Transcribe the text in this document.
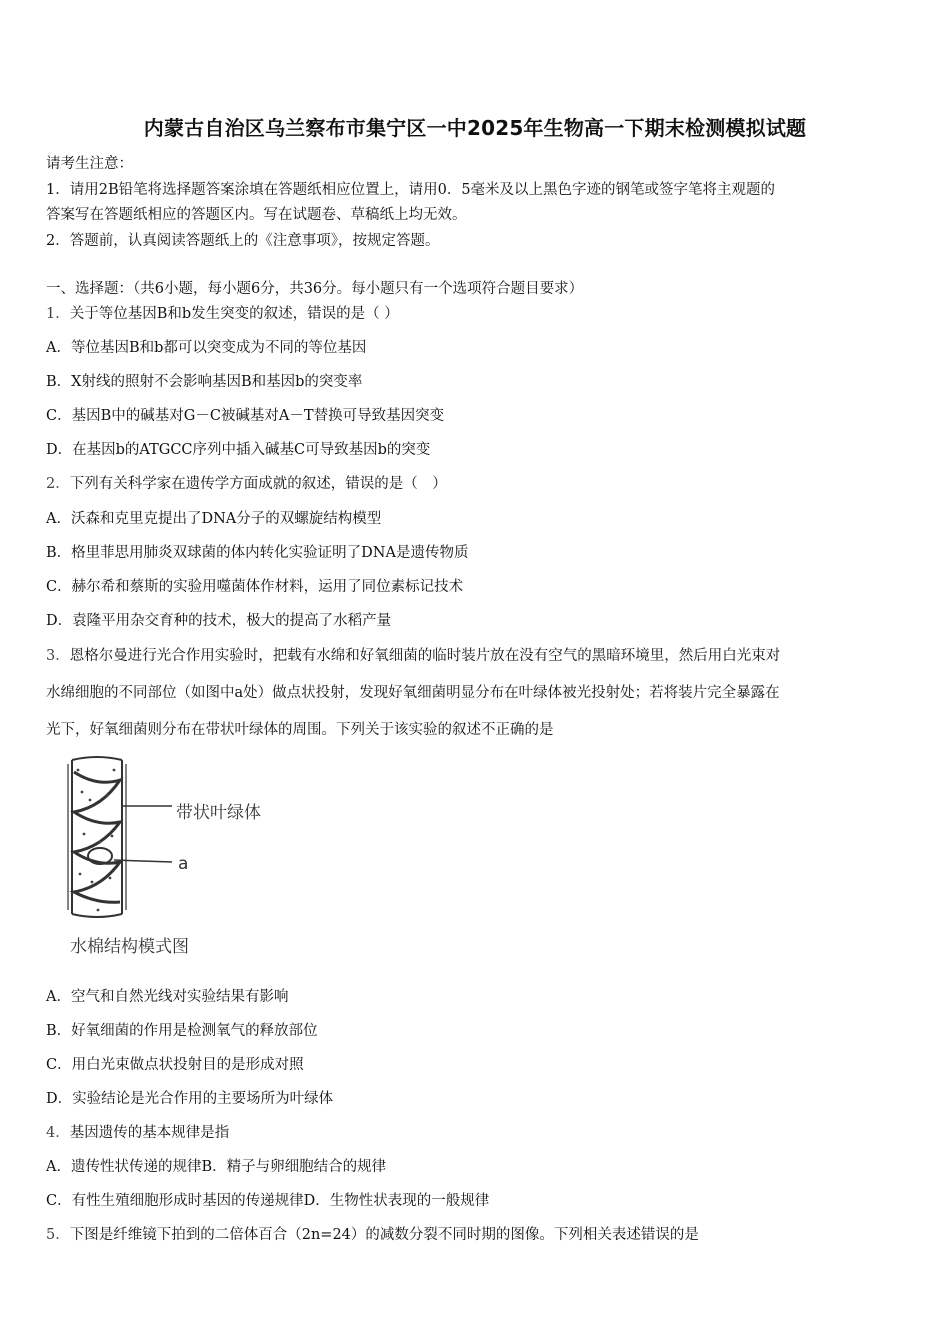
内蒙古自治区乌兰察布市集宁区一中2025年生物高一下期末检测模拟试题
请考生注意：
1．请用2B铅笔将选择题答案涂填在答题纸相应位置上，请用0．5毫米及以上黑色字迹的钢笔或签字笔将主观题的
答案写在答题纸相应的答题区内。写在试题卷、草稿纸上均无效。
2．答题前，认真阅读答题纸上的《注意事项》，按规定答题。
一、选择题：（共6小题，每小题6分，共36分。每小题只有一个选项符合题目要求）
1．关于等位基因B和b发生突变的叙述，错误的是（ ）
A．等位基因B和b都可以突变成为不同的等位基因
B．X射线的照射不会影响基因B和基因b的突变率
C．基因B中的碱基对G－C被碱基对A－T替换可导致基因突变
D．在基因b的ATGCC序列中插入碱基C可导致基因b的突变
2．下列有关科学家在遗传学方面成就的叙述，错误的是（　）
A．沃森和克里克提出了DNA分子的双螺旋结构模型
B．格里菲思用肺炎双球菌的体内转化实验证明了DNA是遗传物质
C．赫尔希和蔡斯的实验用噬菌体作材料，运用了同位素标记技术
D．袁隆平用杂交育种的技术，极大的提高了水稻产量
3．恩格尔曼进行光合作用实验时，把载有水绵和好氧细菌的临时装片放在没有空气的黑暗环境里，然后用白光束对
水绵细胞的不同部位（如图中a处）做点状投射，发现好氧细菌明显分布在叶绿体被光投射处；若将装片完全暴露在
光下，好氧细菌则分布在带状叶绿体的周围。下列关于该实验的叙述不正确的是
带状叶绿体
a
水棉结构模式图
A．空气和自然光线对实验结果有影响
B．好氧细菌的作用是检测氧气的释放部位
C．用白光束做点状投射目的是形成对照
D．实验结论是光合作用的主要场所为叶绿体
4．基因遗传的基本规律是指
A．遗传性状传递的规律B．精子与卵细胞结合的规律
C．有性生殖细胞形成时基因的传递规律D．生物性状表现的一般规律
5．下图是纤维镜下拍到的二倍体百合（2n=24）的减数分裂不同时期的图像。下列相关表述错误的是
